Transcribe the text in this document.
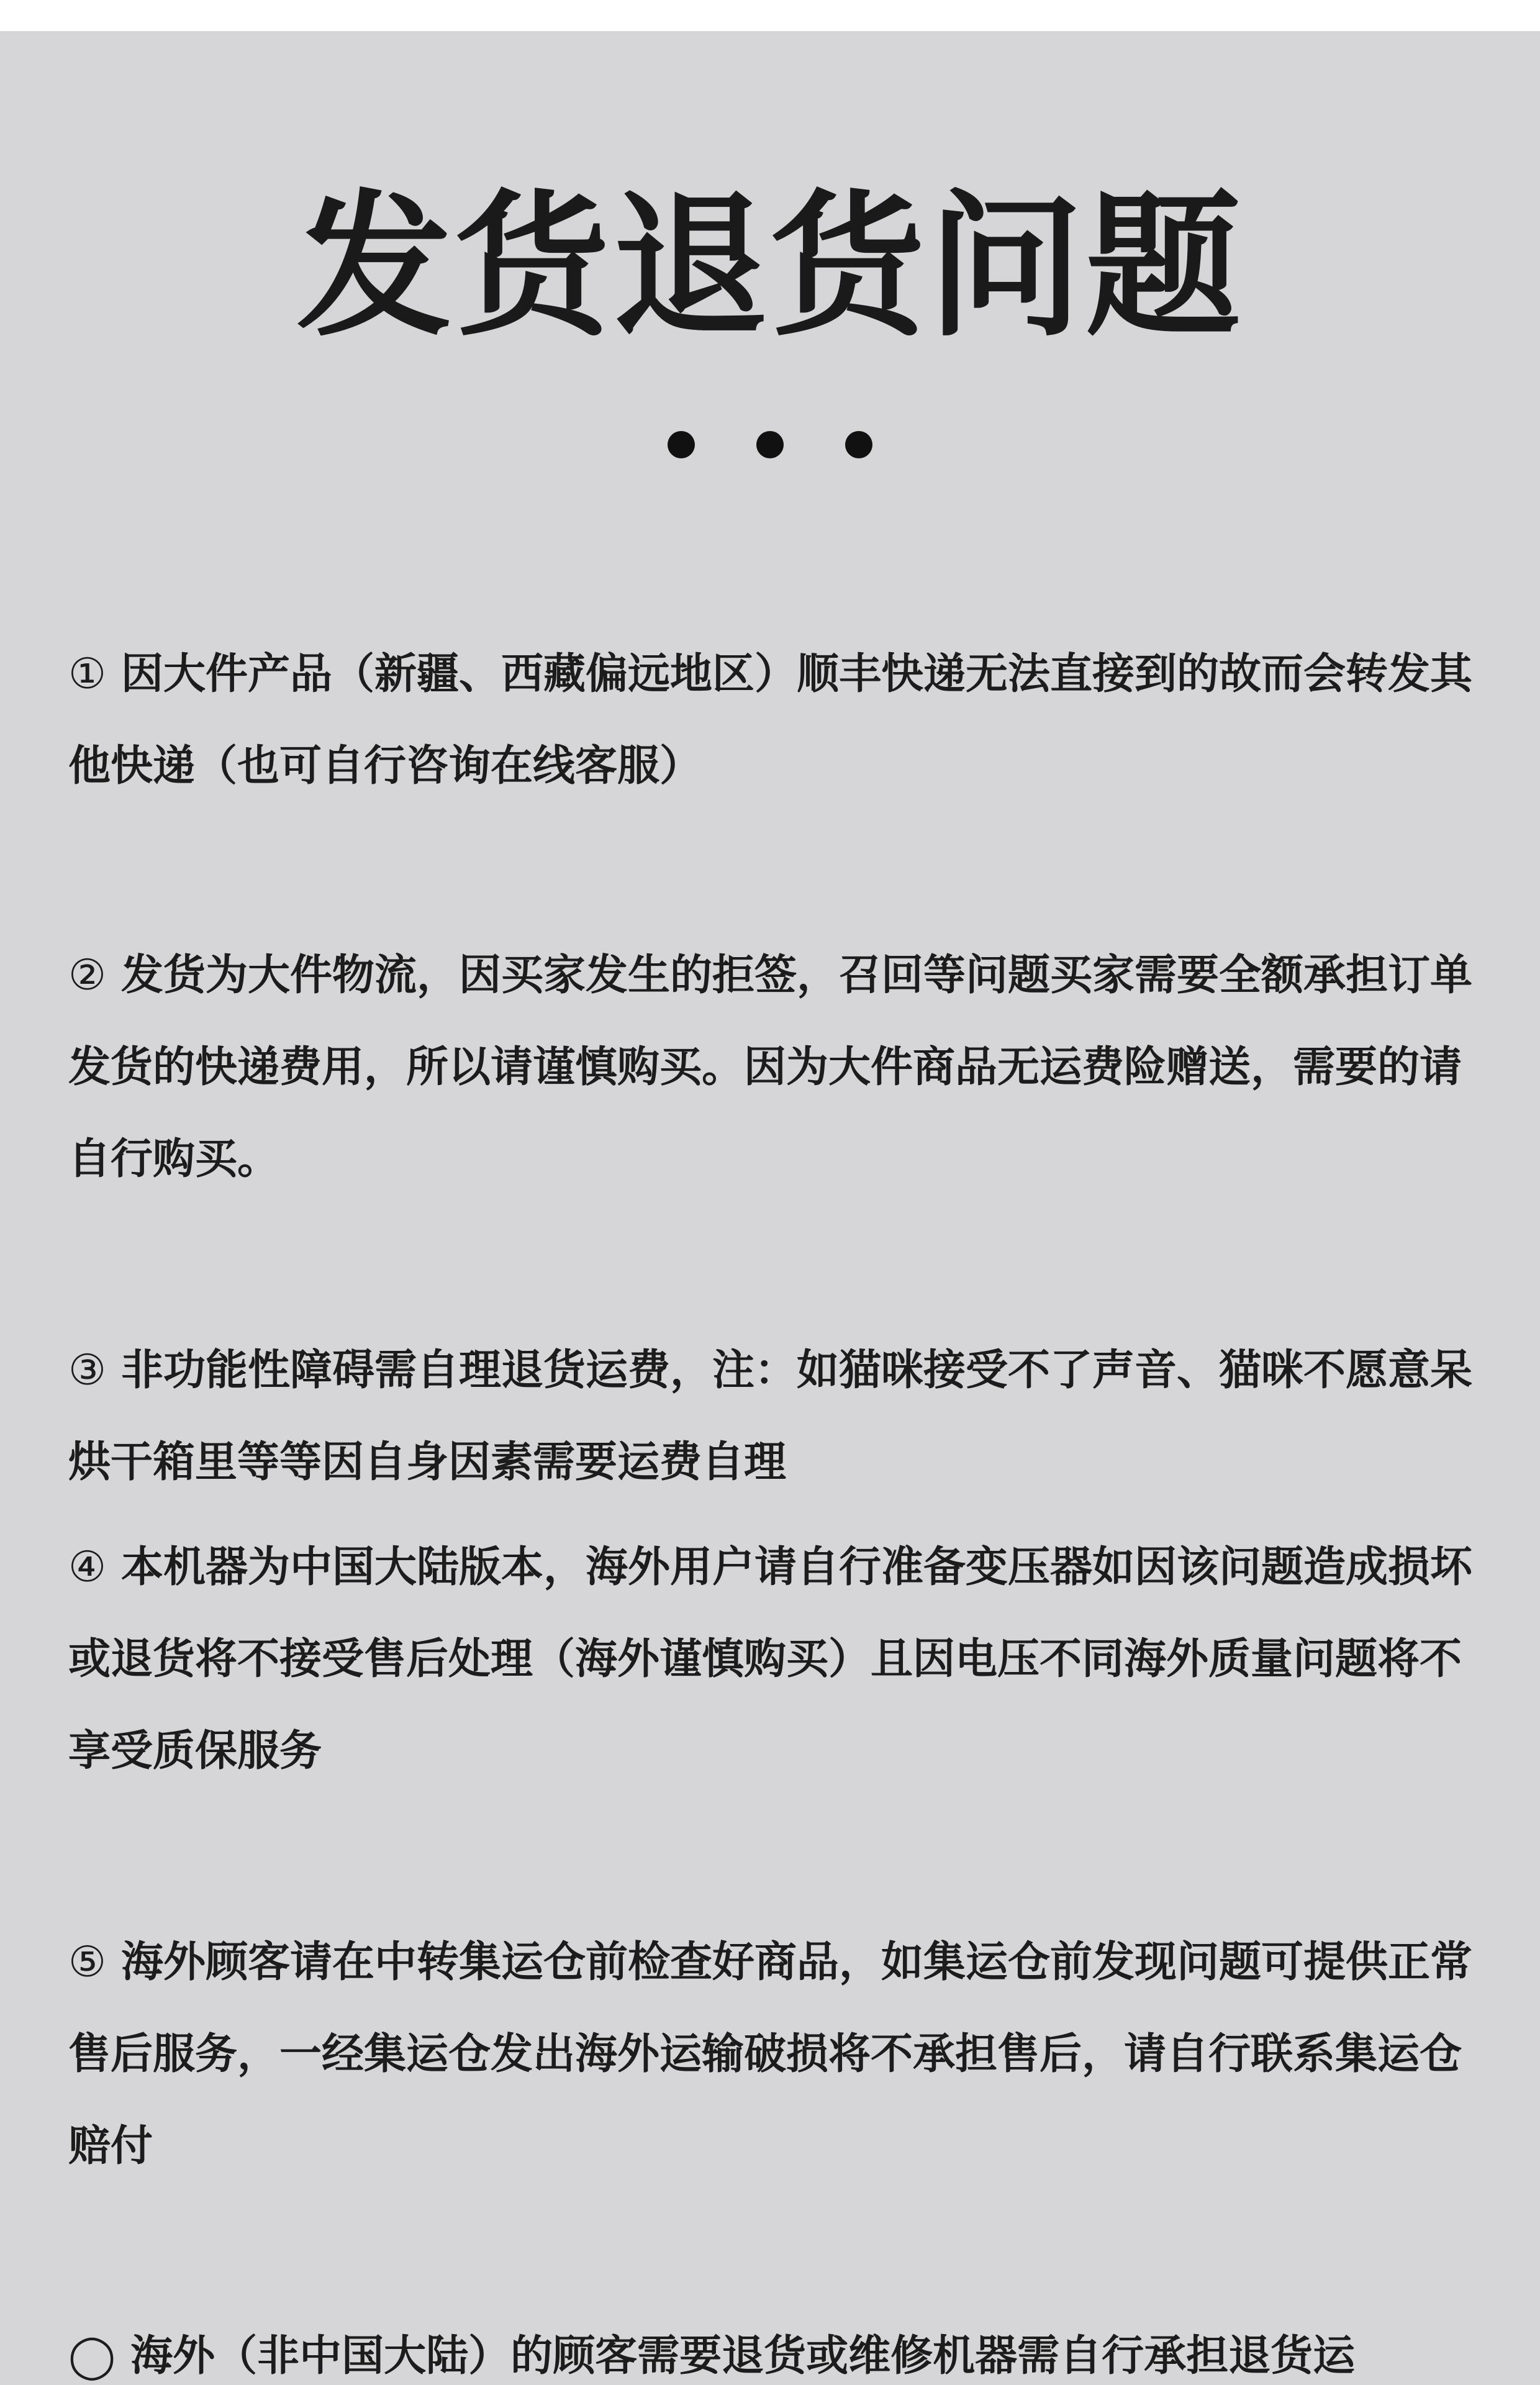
发货退货问题
① 因大件产品（新疆、西藏偏远地区）顺丰快递无法直接到的故而会转发其他快递（也可自行咨询在线客服）
② 发货为大件物流，因买家发生的拒签，召回等问题买家需要全额承担订单发货的快递费用，所以请谨慎购买。因为大件商品无运费险赠送，需要的请自行购买。
③ 非功能性障碍需自理退货运费，注：如猫咪接受不了声音、猫咪不愿意呆烘干箱里等等因自身因素需要运费自理
④ 本机器为中国大陆版本，海外用户请自行准备变压器如因该问题造成损坏或退货将不接受售后处理（海外谨慎购买）且因电压不同海外质量问题将不享受质保服务
⑤ 海外顾客请在中转集运仓前检查好商品，如集运仓前发现问题可提供正常售后服务，一经集运仓发出海外运输破损将不承担售后，请自行联系集运仓赔付
◯ 海外（非中国大陆）的顾客需要退货或维修机器需自行承担退货运
